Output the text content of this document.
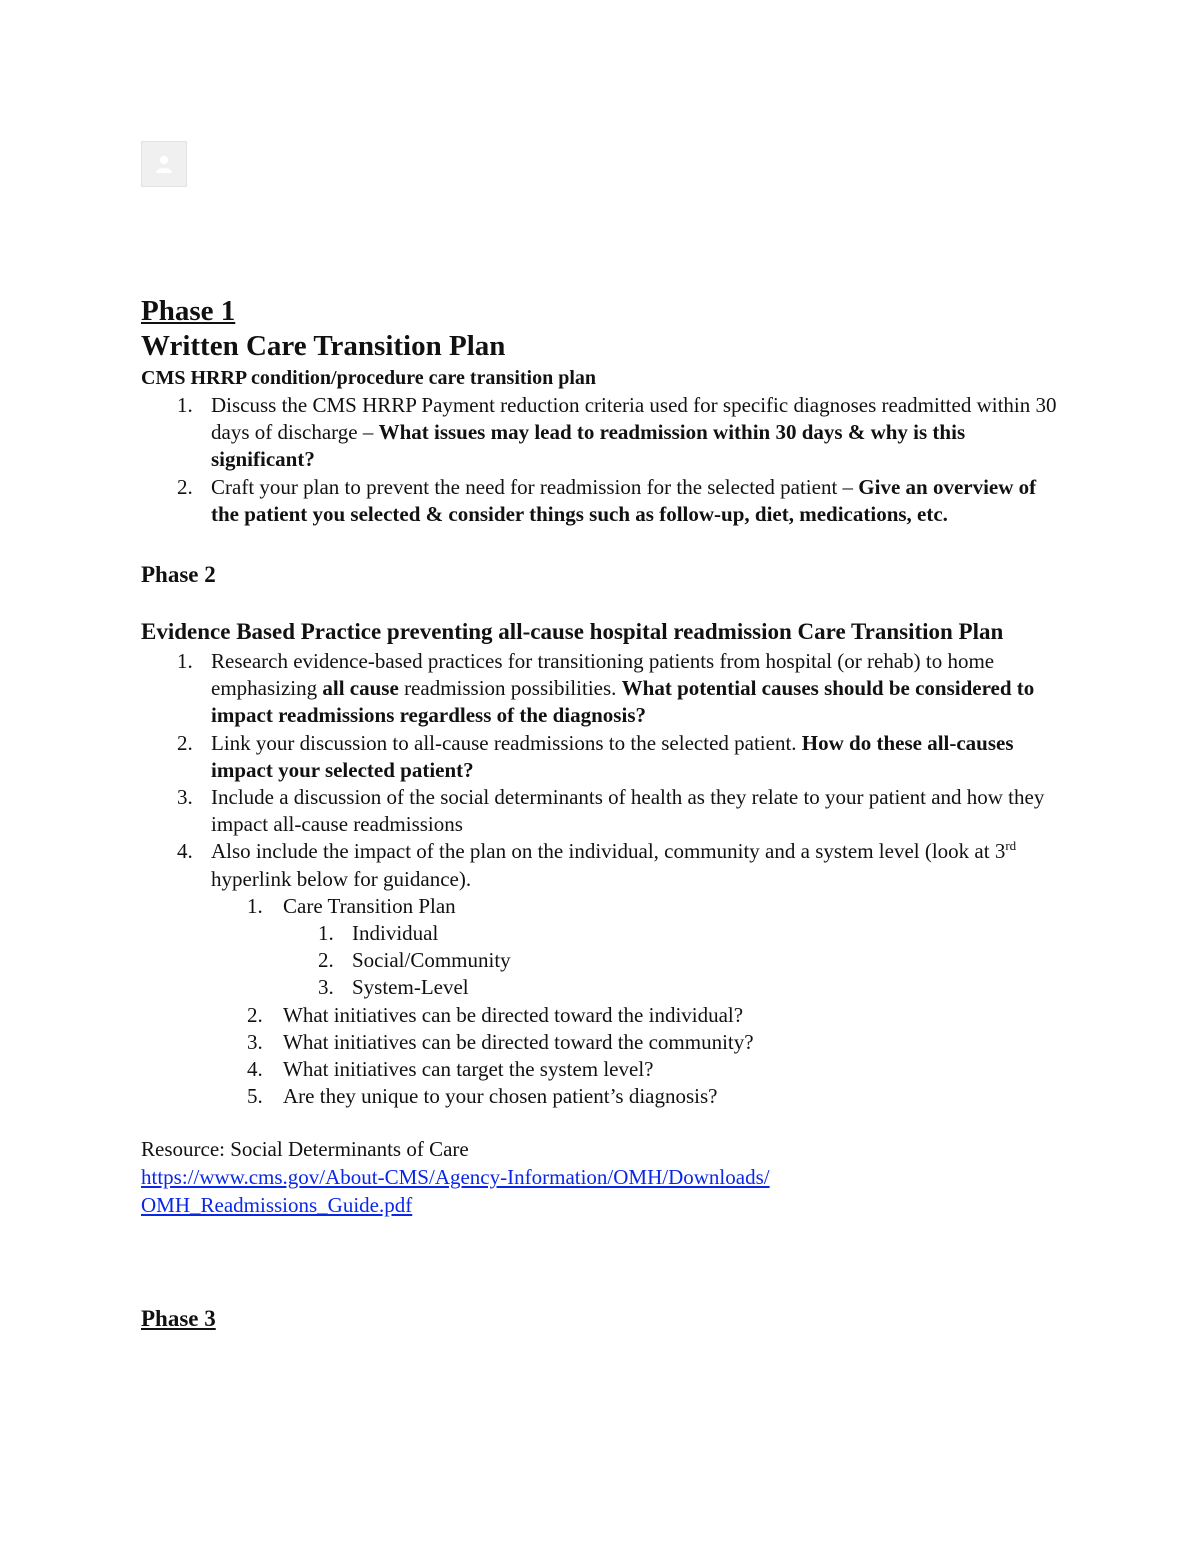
Phase 1
Written Care Transition Plan
CMS HRRP condition/procedure care transition plan
1. Discuss the CMS HRRP Payment reduction criteria used for specific diagnoses readmitted within 30 days of discharge – What issues may lead to readmission within 30 days & why is this significant?
2. Craft your plan to prevent the need for readmission for the selected patient – Give an overview of the patient you selected & consider things such as follow-up, diet, medications, etc.
Phase 2
Evidence Based Practice preventing all-cause hospital readmission Care Transition Plan
1. Research evidence-based practices for transitioning patients from hospital (or rehab) to home emphasizing all cause readmission possibilities. What potential causes should be considered to impact readmissions regardless of the diagnosis?
2. Link your discussion to all-cause readmissions to the selected patient. How do these all-causes impact your selected patient?
3. Include a discussion of the social determinants of health as they relate to your patient and how they impact all-cause readmissions
4. Also include the impact of the plan on the individual, community and a system level (look at 3rd hyperlink below for guidance).
1. Care Transition Plan
1. Individual
2. Social/Community
3. System-Level
2. What initiatives can be directed toward the individual?
3. What initiatives can be directed toward the community?
4. What initiatives can target the system level?
5. Are they unique to your chosen patient’s diagnosis?
Resource: Social Determinants of Care
https://www.cms.gov/About-CMS/Agency-Information/OMH/Downloads/
OMH_Readmissions_Guide.pdf
Phase 3
